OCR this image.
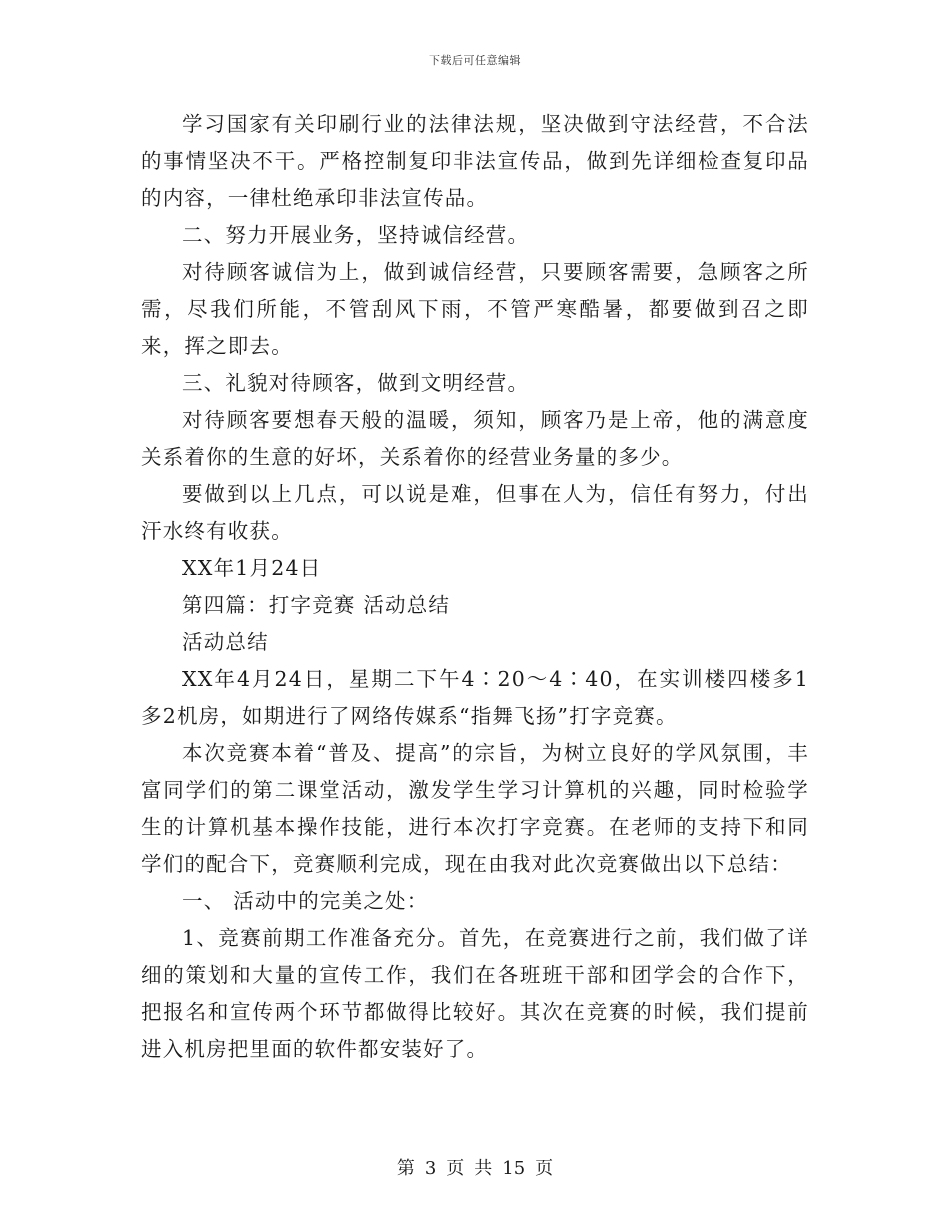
下载后可任意编辑

学习国家有关印刷行业的法律法规，坚决做到守法经营，不合法的事情坚决不干。严格控制复印非法宣传品，做到先详细检查复印品的内容，一律杜绝承印非法宣传品。

二、努力开展业务，坚持诚信经营。

对待顾客诚信为上，做到诚信经营，只要顾客需要，急顾客之所需，尽我们所能，不管刮风下雨，不管严寒酷暑，都要做到召之即来，挥之即去。

三、礼貌对待顾客，做到文明经营。

对待顾客要想春天般的温暖，须知，顾客乃是上帝，他的满意度关系着你的生意的好坏，关系着你的经营业务量的多少。

要做到以上几点，可以说是难，但事在人为，信任有努力，付出汗水终有收获。

XX年1月24日

第四篇：打字竞赛 活动总结

活动总结

XX年4月24日，星期二下午4∶20～4∶40，在实训楼四楼多1多2机房，如期进行了网络传媒系“指舞飞扬”打字竞赛。

本次竞赛本着“普及、提高”的宗旨，为树立良好的学风氛围，丰富同学们的第二课堂活动，激发学生学习计算机的兴趣，同时检验学生的计算机基本操作技能，进行本次打字竞赛。在老师的支持下和同学们的配合下，竞赛顺利完成，现在由我对此次竞赛做出以下总结：

一、 活动中的完美之处：

1、竞赛前期工作准备充分。首先，在竞赛进行之前，我们做了详细的策划和大量的宣传工作，我们在各班班干部和团学会的合作下，把报名和宣传两个环节都做得比较好。其次在竞赛的时候，我们提前进入机房把里面的软件都安装好了。

第 3 页 共 15 页
